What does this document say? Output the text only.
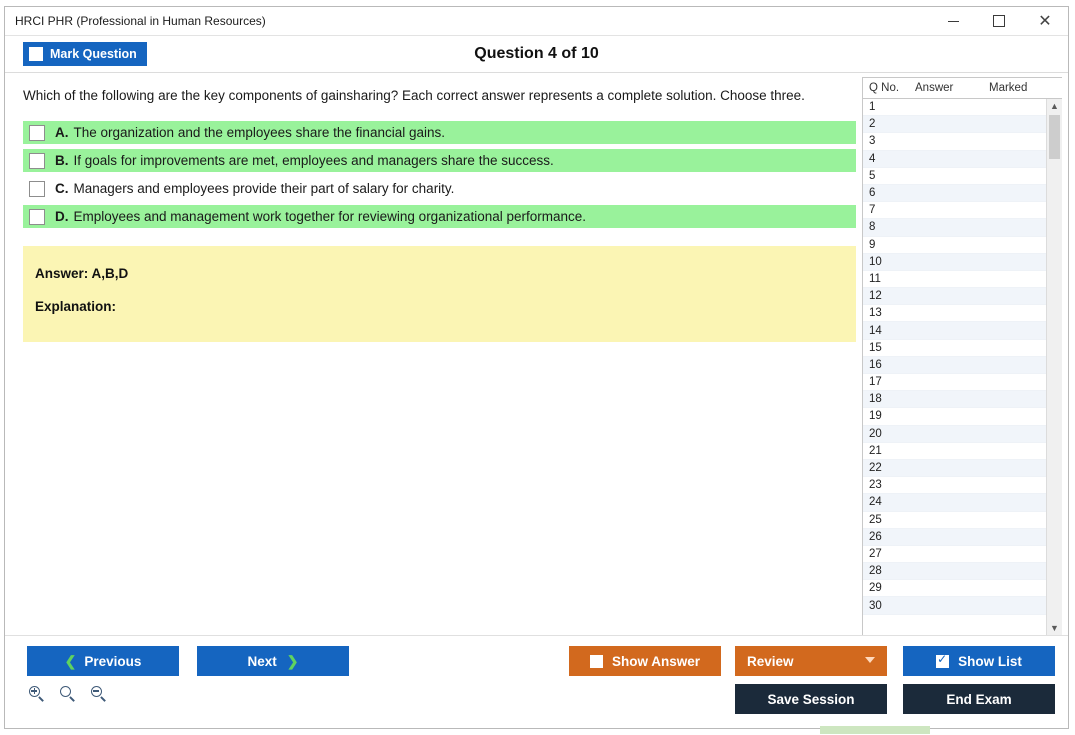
HRCI PHR (Professional in Human Resources)	✕
Mark Question	Question 4 of 10
Which of the following are the key components of gainsharing? Each correct answer represents a complete solution. Choose three.
A. The organization and the employees share the financial gains.
B. If goals for improvements are met, employees and managers share the success.
C. Managers and employees provide their part of salary for charity.
D. Employees and management work together for reviewing organizational performance.
Answer: A,B,D
Explanation:
Q No.	Answer	Marked
1
2
3
4
5
6
7
8
9
10
11
12
13
14
15
16
17
18
19
20
21
22
23
24
25
26
27
28
29
30
▲
▼
❮ Previous	Next ❯	Show Answer	Review ✓	Show List
Save Session	End Exam
